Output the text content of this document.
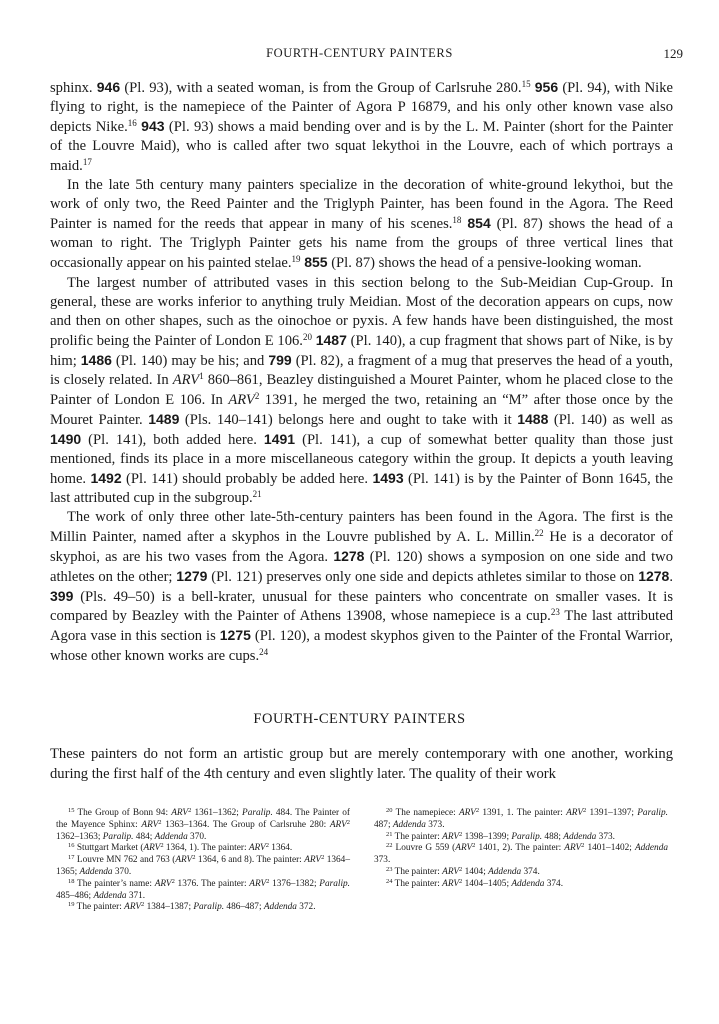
FOURTH-CENTURY PAINTERS	129

sphinx. 946 (Pl. 93), with a seated woman, is from the Group of Carlsruhe 280.15 956 (Pl. 94), with Nike flying to right, is the namepiece of the Painter of Agora P 16879, and his only other known vase also depicts Nike.$^{16}$ 943 (Pl. 93) shows a maid bending over and is by the L. M. Painter (short for the Painter of the Louvre Maid), who is called after two squat lekythoi in the Louvre, each of which portrays a maid.$^{17}$

In the late 5th century many painters specialize in the decoration of white-ground lekythoi, but the work of only two, the Reed Painter and the Triglyph Painter, has been found in the Agora. The Reed Painter is named for the reeds that appear in many of his scenes.$^{18}$ 854 (Pl. 87) shows the head of a woman to right. The Triglyph Painter gets his name from the groups of three vertical lines that occasionally appear on his painted stelae.$^{19}$ 855 (Pl. 87) shows the head of a pensive-looking woman.

The largest number of attributed vases in this section belong to the Sub-Meidian Cup-Group. In general, these are works inferior to anything truly Meidian. Most of the decoration appears on cups, now and then on other shapes, such as the oinochoe or pyxis. A few hands have been distinguished, the most prolific being the Painter of London E 106.20 1487 (Pl. 140), a cup fragment that shows part of Nike, is by him; 1486 (Pl. 140) may be his; and 799 (Pl. 82), a fragment of a mug that preserves the head of a youth, is closely related. In ARV$^1$ 860–861, Beazley distinguished a Mouret Painter, whom he placed close to the Painter of London E 106. In ARV$^2$ 1391, he merged the two, retaining an “M” after those once by the Mouret Painter. 1489 (Pls. 140–141) belongs here and ought to take with it 1488 (Pl. 140) as well as 1490 (Pl. 141), both added here. 1491 (Pl. 141), a cup of somewhat better quality than those just mentioned, finds its place in a more miscellaneous category within the group. It depicts a youth leaving home. 1492 (Pl. 141) should probably be added here. 1493 (Pl. 141) is by the Painter of Bonn 1645, the last attributed cup in the subgroup.$^{21}$

The work of only three other late-5th-century painters has been found in the Agora. The first is the Millin Painter, named after a skyphos in the Louvre published by A. L. Millin.$^{22}$ He is a decorator of skyphoi, as are his two vases from the Agora. 1278 (Pl. 120) shows a symposion on one side and two athletes on the other; 1279 (Pl. 121) preserves only one side and depicts athletes similar to those on 1278. 399 (Pls. 49–50) is a bell-krater, unusual for these painters who concentrate on smaller vases. It is compared by Beazley with the Painter of Athens 13908, whose namepiece is a cup.$^{23}$ The last attributed Agora vase in this section is 1275 (Pl. 120), a modest skyphos given to the Painter of the Frontal Warrior, whose other known works are cups.$^{24}$

FOURTH-CENTURY PAINTERS

These painters do not form an artistic group but are merely contemporary with one another, working during the first half of the 4th century and even slightly later. The quality of their work

$^{15}$ The Group of Bonn 94: ARV$^2$ 1361–1362; Paralip. 484. The Painter of the Mayence Sphinx: ARV$^2$ 1363–1364. The Group of Carlsruhe 280: ARV$^2$ 1362–1363; Paralip. 484; Addenda 370.

$^{16}$ Stuttgart Market (ARV$^2$ 1364, 1). The painter: ARV$^2$ 1364.

$^{17}$ Louvre MN 762 and 763 (ARV$^2$ 1364, 6 and 8). The painter: ARV$^2$ 1364–1365; Addenda 370.

$^{18}$ The painter’s name: ARV$^2$ 1376. The painter: ARV$^2$ 1376–1382; Paralip. 485–486; Addenda 371.

$^{19}$ The painter: ARV$^2$ 1384–1387; Paralip. 486–487; Addenda 372.

$^{20}$ The namepiece: ARV$^2$ 1391, 1. The painter: ARV$^2$ 1391–1397; Paralip. 487; Addenda 373.

$^{21}$ The painter: ARV$^2$ 1398–1399; Paralip. 488; Addenda 373.

$^{22}$ Louvre G 559 (ARV$^2$ 1401, 2). The painter: ARV$^2$ 1401–1402; Addenda 373.

$^{23}$ The painter: ARV$^2$ 1404; Addenda 374.

$^{24}$ The painter: ARV$^2$ 1404–1405; Addenda 374.
